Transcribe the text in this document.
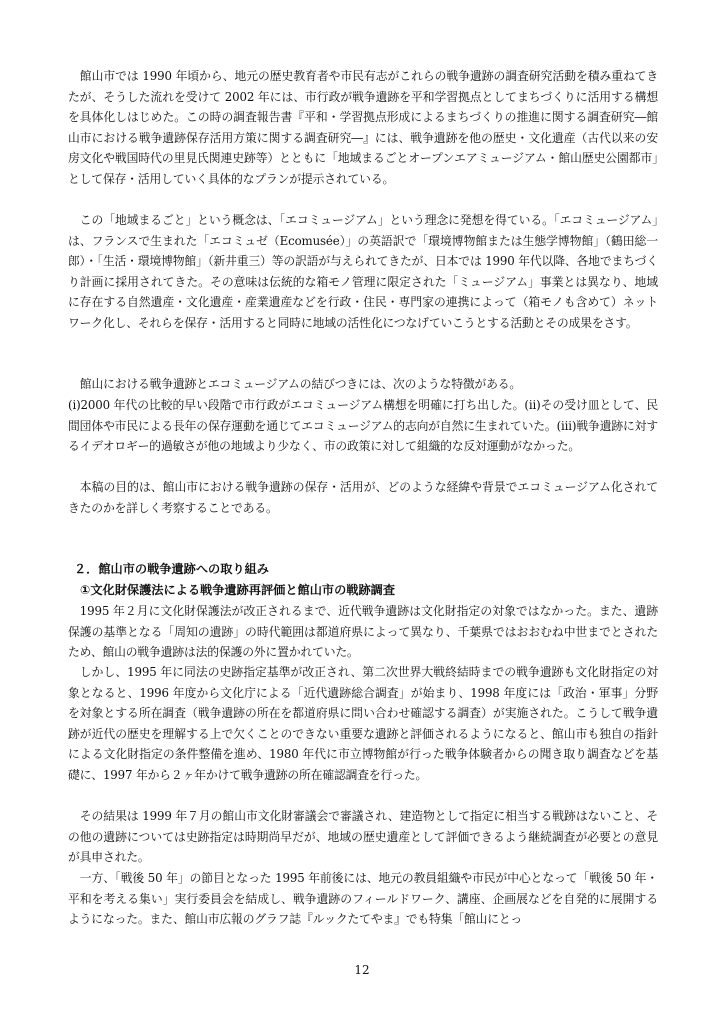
館山市では 1990 年頃から、地元の歴史教育者や市民有志がこれらの戦争遺跡の調査研究活動を積み重ねてきたが、そうした流れを受けて 2002 年には、市行政が戦争遺跡を平和学習拠点としてまちづくりに活用する構想を具体化しはじめた。この時の調査報告書『平和・学習拠点形成によるまちづくりの推進に関する調査研究―館山市における戦争遺跡保存活用方策に関する調査研究―』には、戦争遺跡を他の歴史・文化遺産（古代以来の安房文化や戦国時代の里見氏関連史跡等）とともに「地域まるごとオープンエアミュージアム・館山歴史公園都市」として保存・活用していく具体的なプランが提示されている。

この「地域まるごと」という概念は、「エコミュージアム」という理念に発想を得ている。「エコミュージアム」は、フランスで生まれた「エコミュゼ（Ecomusée）」の英語訳で「環境博物館または生態学博物館」（鶴田総一郎）・「生活・環境博物館」（新井重三）等の訳語が与えられてきたが、日本では 1990 年代以降、各地でまちづくり計画に採用されてきた。その意味は伝統的な箱モノ管理に限定された「ミュージアム」事業とは異なり、地域に存在する自然遺産・文化遺産・産業遺産などを行政・住民・専門家の連携によって（箱モノも含めて）ネットワーク化し、それらを保存・活用すると同時に地域の活性化につなげていこうとする活動とその成果をさす。

館山における戦争遺跡とエコミュージアムの結びつきには、次のような特徴がある。

(i)2000 年代の比較的早い段階で市行政がエコミュージアム構想を明確に打ち出した。(ii)その受け皿として、民間団体や市民による長年の保存運動を通じてエコミュージアム的志向が自然に生まれていた。(iii)戦争遺跡に対するイデオロギー的過敏さが他の地域より少なく、市の政策に対して組織的な反対運動がなかった。

本稿の目的は、館山市における戦争遺跡の保存・活用が、どのような経緯や背景でエコミュージアム化されてきたのかを詳しく考察することである。

２．館山市の戦争遺跡への取り組み
①文化財保護法による戦争遺跡再評価と館山市の戦跡調査

1995 年２月に文化財保護法が改正されるまで、近代戦争遺跡は文化財指定の対象ではなかった。また、遺跡保護の基準となる「周知の遺跡」の時代範囲は都道府県によって異なり、千葉県ではおおむね中世までとされたため、館山の戦争遺跡は法的保護の外に置かれていた。

しかし、1995 年に同法の史跡指定基準が改正され、第二次世界大戦終結時までの戦争遺跡も文化財指定の対象となると、1996 年度から文化庁による「近代遺跡総合調査」が始まり、1998 年度には「政治・軍事」分野を対象とする所在調査（戦争遺跡の所在を都道府県に問い合わせ確認する調査）が実施された。こうして戦争遺跡が近代の歴史を理解する上で欠くことのできない重要な遺跡と評価されるようになると、館山市も独自の指針による文化財指定の条件整備を進め、1980 年代に市立博物館が行った戦争体験者からの聞き取り調査などを基礎に、1997 年から２ヶ年かけて戦争遺跡の所在確認調査を行った。

その結果は 1999 年７月の館山市文化財審議会で審議され、建造物として指定に相当する戦跡はないこと、その他の遺跡については史跡指定は時期尚早だが、地域の歴史遺産として評価できるよう継続調査が必要との意見が具申された。

一方、「戦後 50 年」の節目となった 1995 年前後には、地元の教員組織や市民が中心となって「戦後 50 年・平和を考える集い」実行委員会を結成し、戦争遺跡のフィールドワーク、講座、企画展などを自発的に展開するようになった。また、館山市広報のグラフ誌『ルックたてやま』でも特集「館山にとっ

12
